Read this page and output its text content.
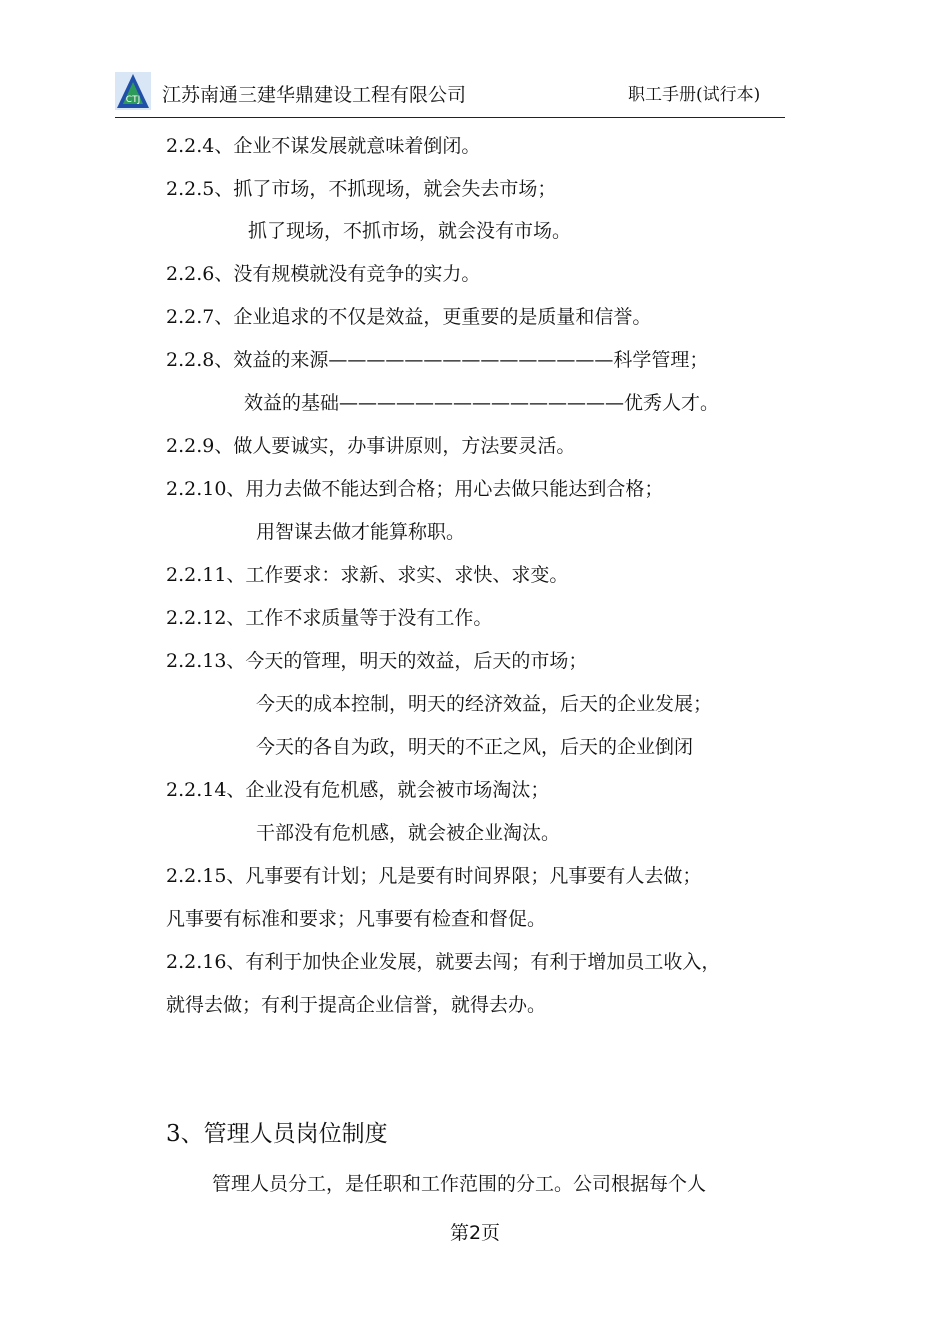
CTJ 江苏南通三建华鼎建设工程有限公司	职工手册(试行本)
2.2.4、企业不谋发展就意味着倒闭。
2.2.5、抓了市场，不抓现场，就会失去市场；
抓了现场，不抓市场，就会没有市场。
2.2.6、没有规模就没有竞争的实力。
2.2.7、企业追求的不仅是效益，更重要的是质量和信誉。
2.2.8、效益的来源———————————————科学管理；
效益的基础———————————————优秀人才。
2.2.9、做人要诚实，办事讲原则，方法要灵活。
2.2.10、用力去做不能达到合格；用心去做只能达到合格；
用智谋去做才能算称职。
2.2.11、工作要求：求新、求实、求快、求变。
2.2.12、工作不求质量等于没有工作。
2.2.13、今天的管理，明天的效益，后天的市场；
今天的成本控制，明天的经济效益，后天的企业发展；
今天的各自为政，明天的不正之风，后天的企业倒闭
2.2.14、企业没有危机感，就会被市场淘汰；
干部没有危机感，就会被企业淘汰。
2.2.15、凡事要有计划；凡是要有时间界限；凡事要有人去做；
凡事要有标准和要求；凡事要有检查和督促。
2.2.16、有利于加快企业发展，就要去闯；有利于增加员工收入，
就得去做；有利于提高企业信誉，就得去办。
3、管理人员岗位制度
管理人员分工，是任职和工作范围的分工。公司根据每个人
第2页
